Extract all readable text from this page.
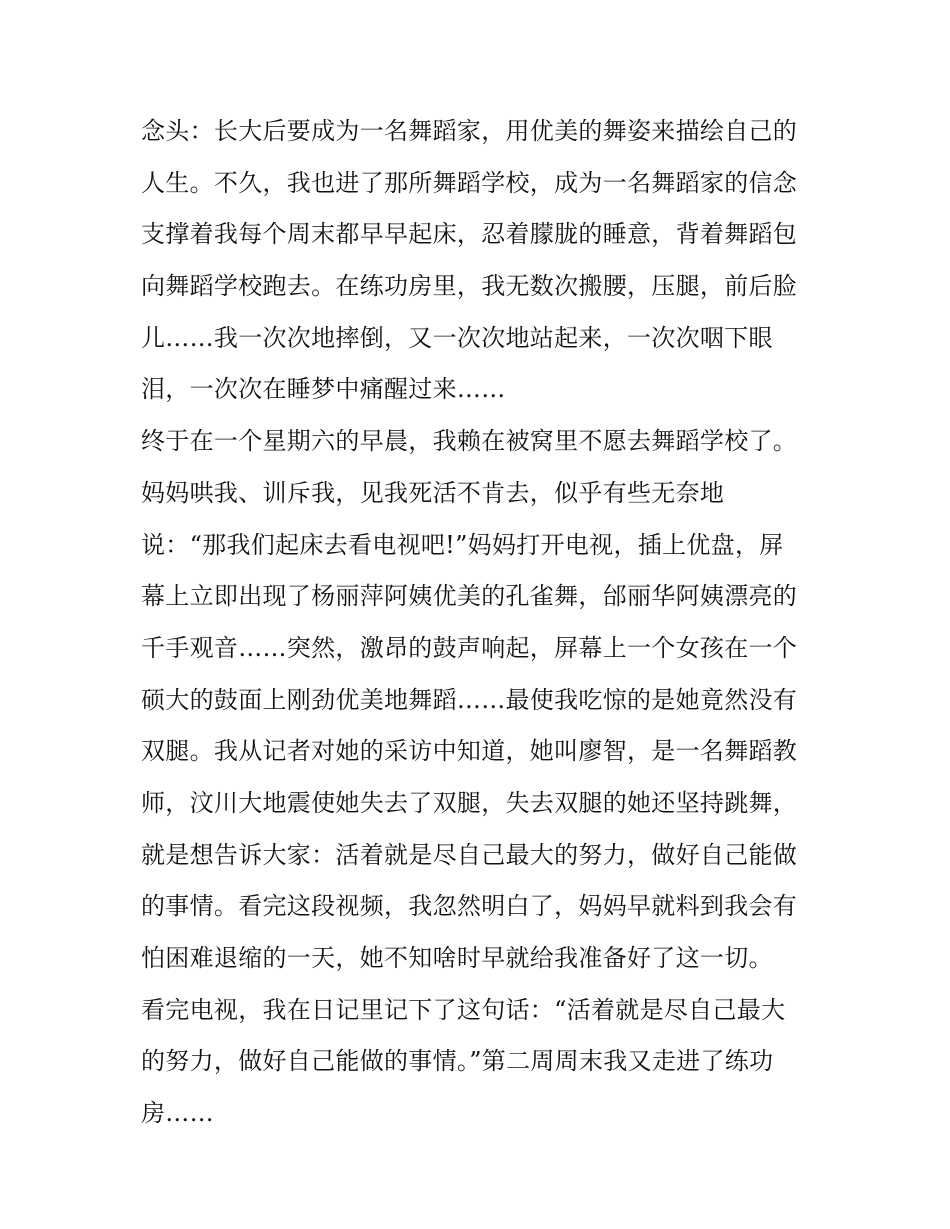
念头：长大后要成为一名舞蹈家，用优美的舞姿来描绘自己的
人生。不久，我也进了那所舞蹈学校，成为一名舞蹈家的信念
支撑着我每个周末都早早起床，忍着朦胧的睡意，背着舞蹈包
向舞蹈学校跑去。在练功房里，我无数次搬腰，压腿，前后脸
儿……我一次次地摔倒，又一次次地站起来，一次次咽下眼
泪，一次次在睡梦中痛醒过来……
终于在一个星期六的早晨，我赖在被窝里不愿去舞蹈学校了。
妈妈哄我、训斥我，见我死活不肯去，似乎有些无奈地
说：“那我们起床去看电视吧!”妈妈打开电视，插上优盘，屏
幕上立即出现了杨丽萍阿姨优美的孔雀舞，邰丽华阿姨漂亮的
千手观音……突然，激昂的鼓声响起，屏幕上一个女孩在一个
硕大的鼓面上刚劲优美地舞蹈……最使我吃惊的是她竟然没有
双腿。我从记者对她的采访中知道，她叫廖智，是一名舞蹈教
师，汶川大地震使她失去了双腿，失去双腿的她还坚持跳舞，
就是想告诉大家：活着就是尽自己最大的努力，做好自己能做
的事情。看完这段视频，我忽然明白了，妈妈早就料到我会有
怕困难退缩的一天，她不知啥时早就给我准备好了这一切。
看完电视，我在日记里记下了这句话：“活着就是尽自己最大
的努力，做好自己能做的事情。”第二周周末我又走进了练功
房……
